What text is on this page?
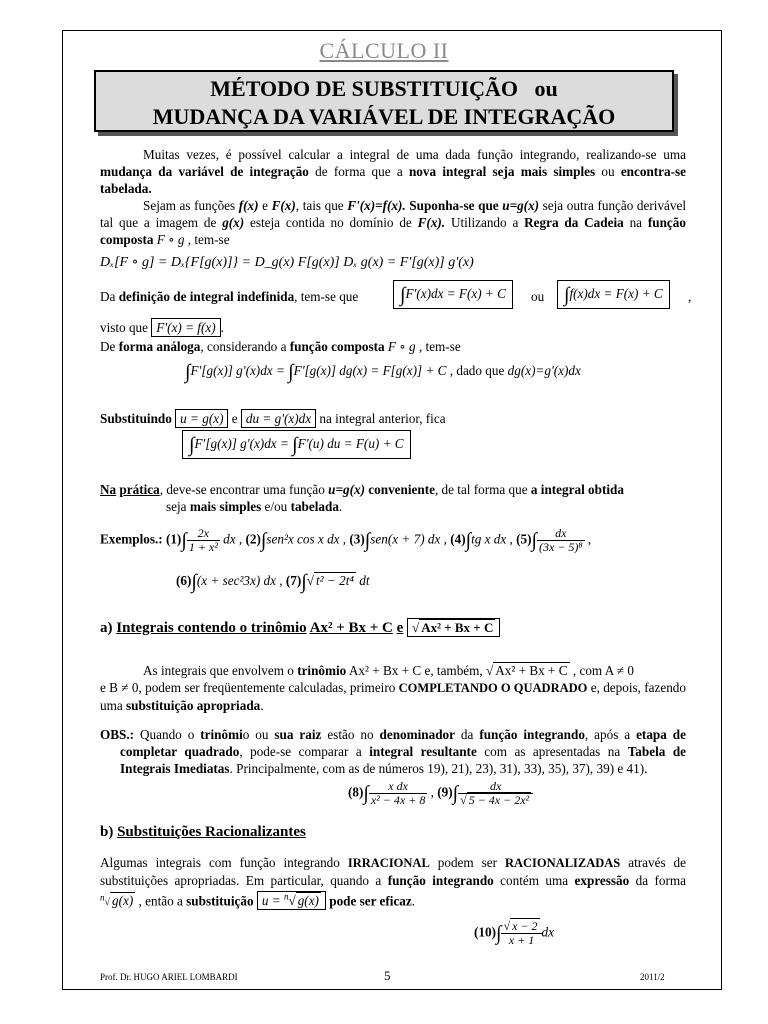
CÁLCULO II
MÉTODO DE SUBSTITUIÇÃO   ou
MUDANÇA DA VARIÁVEL DE INTEGRAÇÃO
Muitas vezes, é possível calcular a integral de uma dada função integrando, realizando-se uma mudança da variável de integração de forma que a nova integral seja mais simples ou encontra-se tabelada.
Sejam as funções f(x) e F(x), tais que F'(x)=f(x). Suponha-se que u=g(x) seja outra função derivável tal que a imagem de g(x) esteja contida no domínio de F(x). Utilizando a Regra da Cadeia na função composta F ∘ g , tem-se
Dₓ[F ∘ g] = Dₓ{F[g(x)]} = D_g(x) F[g(x)] Dₓ g(x) = F'[g(x)] g'(x)
Da definição de integral indefinida, tem-se que	∫F'(x)dx = F(x) + C	ou ∫f(x)dx = F(x) + C	,
visto que F'(x) = f(x) .
De forma análoga, considerando a função composta F ∘ g , tem-se
∫F'[g(x)] g'(x)dx = ∫F'[g(x)] dg(x) = F[g(x)] + C , dado que dg(x)=g'(x)dx
Substituindo u = g(x) e du = g'(x)dx na integral anterior, fica
∫F'[g(x)] g'(x)dx = ∫F'(u) du = F(u) + C
Na prática, deve-se encontrar uma função u=g(x) conveniente, de tal forma que a integral obtida
seja mais simples e/ou tabelada.
Exemplos.: $(1)\int \frac{2x}{\text{1 + x²}}$ dx , (2)∫sen²x cos x dx , (3)∫sen(x + 7) dx , (4)∫tg x dx , $(5)\int \frac{dx}{\text{(3x − 5)⁸}}$ ,
(6)∫(x + sec²3x) dx , (7)∫√ t² − 2t⁴ dt
a) Integrais contendo o trinômio Ax² + Bx + C e √ Ax² + Bx + C
As integrais que envolvem o trinômio Ax² + Bx + C e, também, √ Ax² + Bx + C , com A ≠ 0
e B ≠ 0, podem ser freqüentemente calculadas, primeiro COMPLETANDO O QUADRADO e, depois, fazendo uma substituição apropriada.
OBS.: Quando o trinômio ou sua raiz estão no denominador da função integrando, após a etapa de completar quadrado, pode-se comparar a integral resultante com as apresentadas na Tabela de Integrais Imediatas. Principalmente, com as de números 19), 21), 23), 31), 33), 35), 37), 39) e 41).
$(8)\int \frac{\text{x dx}}{\text{x² − 4x + 8}}$ , $(9)\int \frac{dx}{\text{√ 5 − 4x − 2x²}}$
b) Substituições Racionalizantes
Algumas integrais com função integrando IRRACIONAL podem ser RACIONALIZADAS através de substituições apropriadas. Em particular, quando a função integrando contém uma expressão da forma $^n$√ g(x) , então a substituição u = $^n$√ g(x) pode ser eficaz.
$(10)\int \frac{√ x - 2}{x + 1}$ dx
Prof. Dr. HUGO ARIEL LOMBARDI	5	2011/2
